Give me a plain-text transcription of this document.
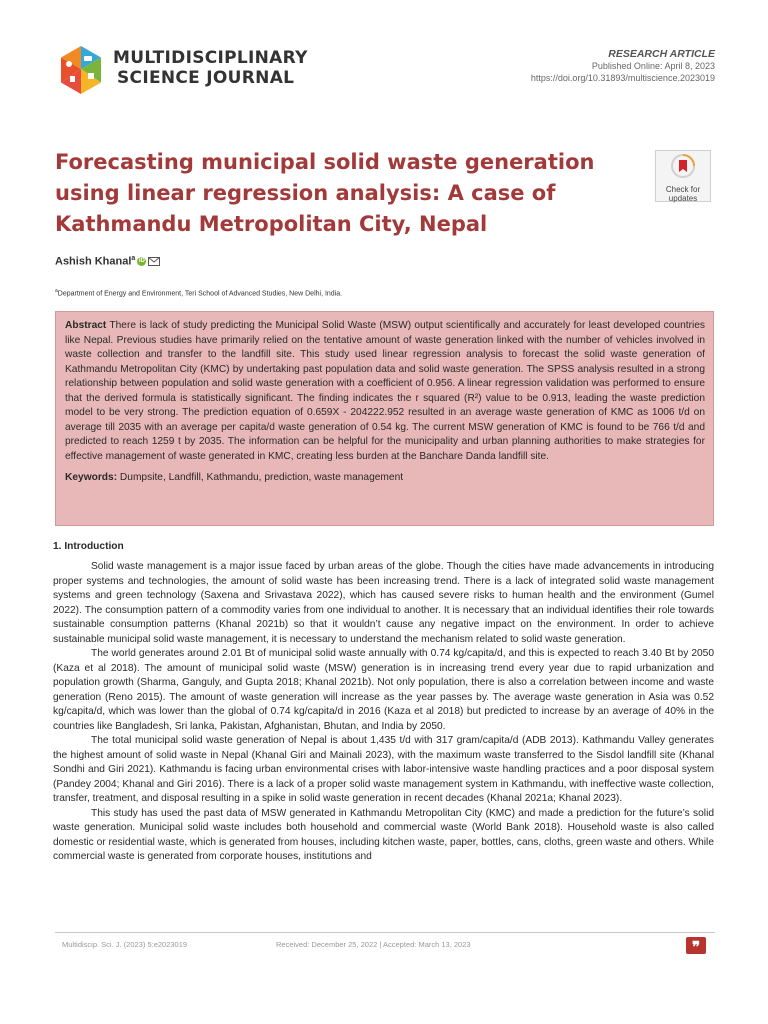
MULTIDISCIPLINARY
SCIENCE JOURNAL
RESEARCH ARTICLE
Published Online: April 8, 2023
https://doi.org/10.31893/multiscience.2023019
Forecasting municipal solid waste generation using linear regression analysis: A case of Kathmandu Metropolitan City, Nepal
Check for
updates
Ashish Khanal$^a$ iD
$^a$Department of Energy and Environment, Teri School of Advanced Studies, New Delhi, India.

Abstract There is lack of study predicting the Municipal Solid Waste (MSW) output scientifically and accurately for least developed countries like Nepal. Previous studies have primarily relied on the tentative amount of waste generation linked with the number of vehicles involved in waste collection and transfer to the landfill site. This study used linear regression analysis to forecast the solid waste generation of Kathmandu Metropolitan City (KMC) by undertaking past population data and solid waste generation. The SPSS analysis resulted in a strong relationship between population and solid waste generation with a coefficient of 0.956. A linear regression validation was performed to ensure that the derived formula is statistically significant. The finding indicates the r squared (R²) value to be 0.913, leading the waste prediction model to be very strong. The prediction equation of 0.659X - 204222.952 resulted in an average waste generation of KMC as 1006 t/d on average till 2035 with an average per capita/d waste generation of 0.54 kg. The current MSW generation of KMC is found to be 766 t/d and predicted to reach 1259 t by 2035. The information can be helpful for the municipality and urban planning authorities to make strategies for effective management of waste generated in KMC, creating less burden at the Banchare Danda landfill site.

Keywords: Dumpsite, Landfill, Kathmandu, prediction, waste management

1. Introduction

Solid waste management is a major issue faced by urban areas of the globe. Though the cities have made advancements in introducing proper systems and technologies, the amount of solid waste has been increasing trend. There is a lack of integrated solid waste management systems and green technology (Saxena and Srivastava 2022), which has caused severe risks to human health and the environment (Gumel 2022). The consumption pattern of a commodity varies from one individual to another. It is necessary that an individual identifies their role towards sustainable consumption patterns (Khanal 2021b) so that it wouldn’t cause any negative impact on the environment. In order to achieve sustainable municipal solid waste management, it is necessary to understand the mechanism related to solid waste generation.

The world generates around 2.01 Bt of municipal solid waste annually with 0.74 kg/capita/d, and this is expected to reach 3.40 Bt by 2050 (Kaza et al 2018). The amount of municipal solid waste (MSW) generation is in increasing trend every year due to rapid urbanization and population growth (Sharma, Ganguly, and Gupta 2018; Khanal 2021b). Not only population, there is also a correlation between income and waste generation (Reno 2015). The amount of waste generation will increase as the year passes by. The average waste generation in Asia was 0.52 kg/capita/d, which was lower than the global of 0.74 kg/capita/d in 2016 (Kaza et al 2018) but predicted to increase by an average of 40% in the countries like Bangladesh, Sri lanka, Pakistan, Afghanistan, Bhutan, and India by 2050.

The total municipal solid waste generation of Nepal is about 1,435 t/d with 317 gram/capita/d (ADB 2013). Kathmandu Valley generates the highest amount of solid waste in Nepal (Khanal Giri and Mainali 2023), with the maximum waste transferred to the Sisdol landfill site (Khanal Sondhi and Giri 2021). Kathmandu is facing urban environmental crises with labor-intensive waste handling practices and a poor disposal system (Pandey 2004; Khanal and Giri 2016). There is a lack of a proper solid waste management system in Kathmandu, with ineffective waste collection, transfer, treatment, and disposal resulting in a spike in solid waste generation in recent decades (Khanal 2021a; Khanal 2023).

This study has used the past data of MSW generated in Kathmandu Metropolitan City (KMC) and made a prediction for the future’s solid waste generation. Municipal solid waste includes both household and commercial waste (World Bank 2018). Household waste is also called domestic or residential waste, which is generated from houses, including kitchen waste, paper, bottles, cans, cloths, green waste and others. While commercial waste is generated from corporate houses, institutions and

Multidiscip. Sci. J. (2023) 5:e2023019	Received: December 25, 2022 | Accepted: March 13, 2023	❞
